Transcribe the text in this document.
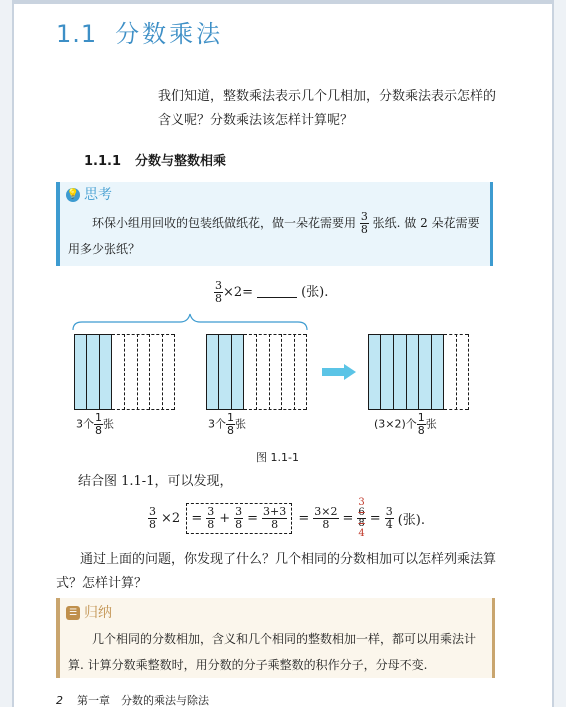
1.1 分数乘法
我们知道，整数乘法表示几个几相加，分数乘法表示怎样的含义呢？分数乘法该怎样计算呢？
1.1.1 分数与整数相乘
💡 思考
环保小组用回收的包装纸做纸花，做一朵花需要用 $\frac{3}{8}$ 张纸. 做 2 朵花需要用多少张纸？
$\frac{3}{8} \times 2=$	(张).
3个 $\frac{1}{8}$ 张	3个 $\frac{1}{8}$ 张	(3×2)个 $\frac{1}{8}$ 张
图 1.1-1
结合图 1.1-1，可以发现，
$\frac{3}{8} \times 2 = \frac{3}{8} + \frac{3}{8} = \frac{3+3}{8} = \frac{3\times 2}{8}$ =
3
6
8
4
= $\frac{3}{4}$ (张).
通过上面的问题，你发现了什么？几个相同的分数相加可以怎样列乘法算式？怎样计算？
☰ 归纳
几个相同的分数相加，含义和几个相同的整数相加一样，都可以用乘法计算. 计算分数乘整数时，用分数的分子乘整数的积作分子，分母不变.
2 第一章　分数的乘法与除法
